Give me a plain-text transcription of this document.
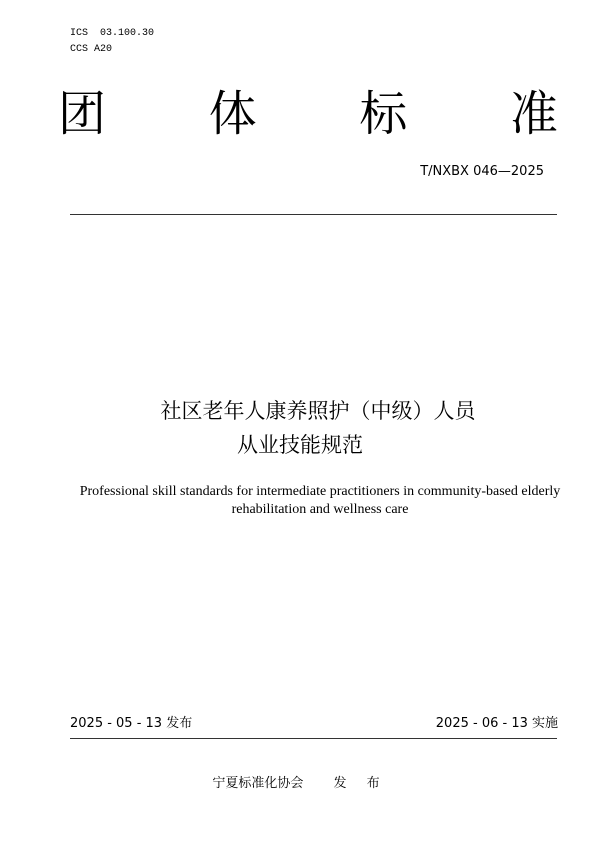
ICS 03.100.30
CCS A20
团 体 标 准
T/NXBX 046—2025
社区老年人康养照护（中级）人员
从业技能规范
Professional skill standards for intermediate practitioners in community-based elderly rehabilitation and wellness care
2025 - 05 - 13 发布	2025 - 06 - 13 实施
宁夏标准化协会 发 布
